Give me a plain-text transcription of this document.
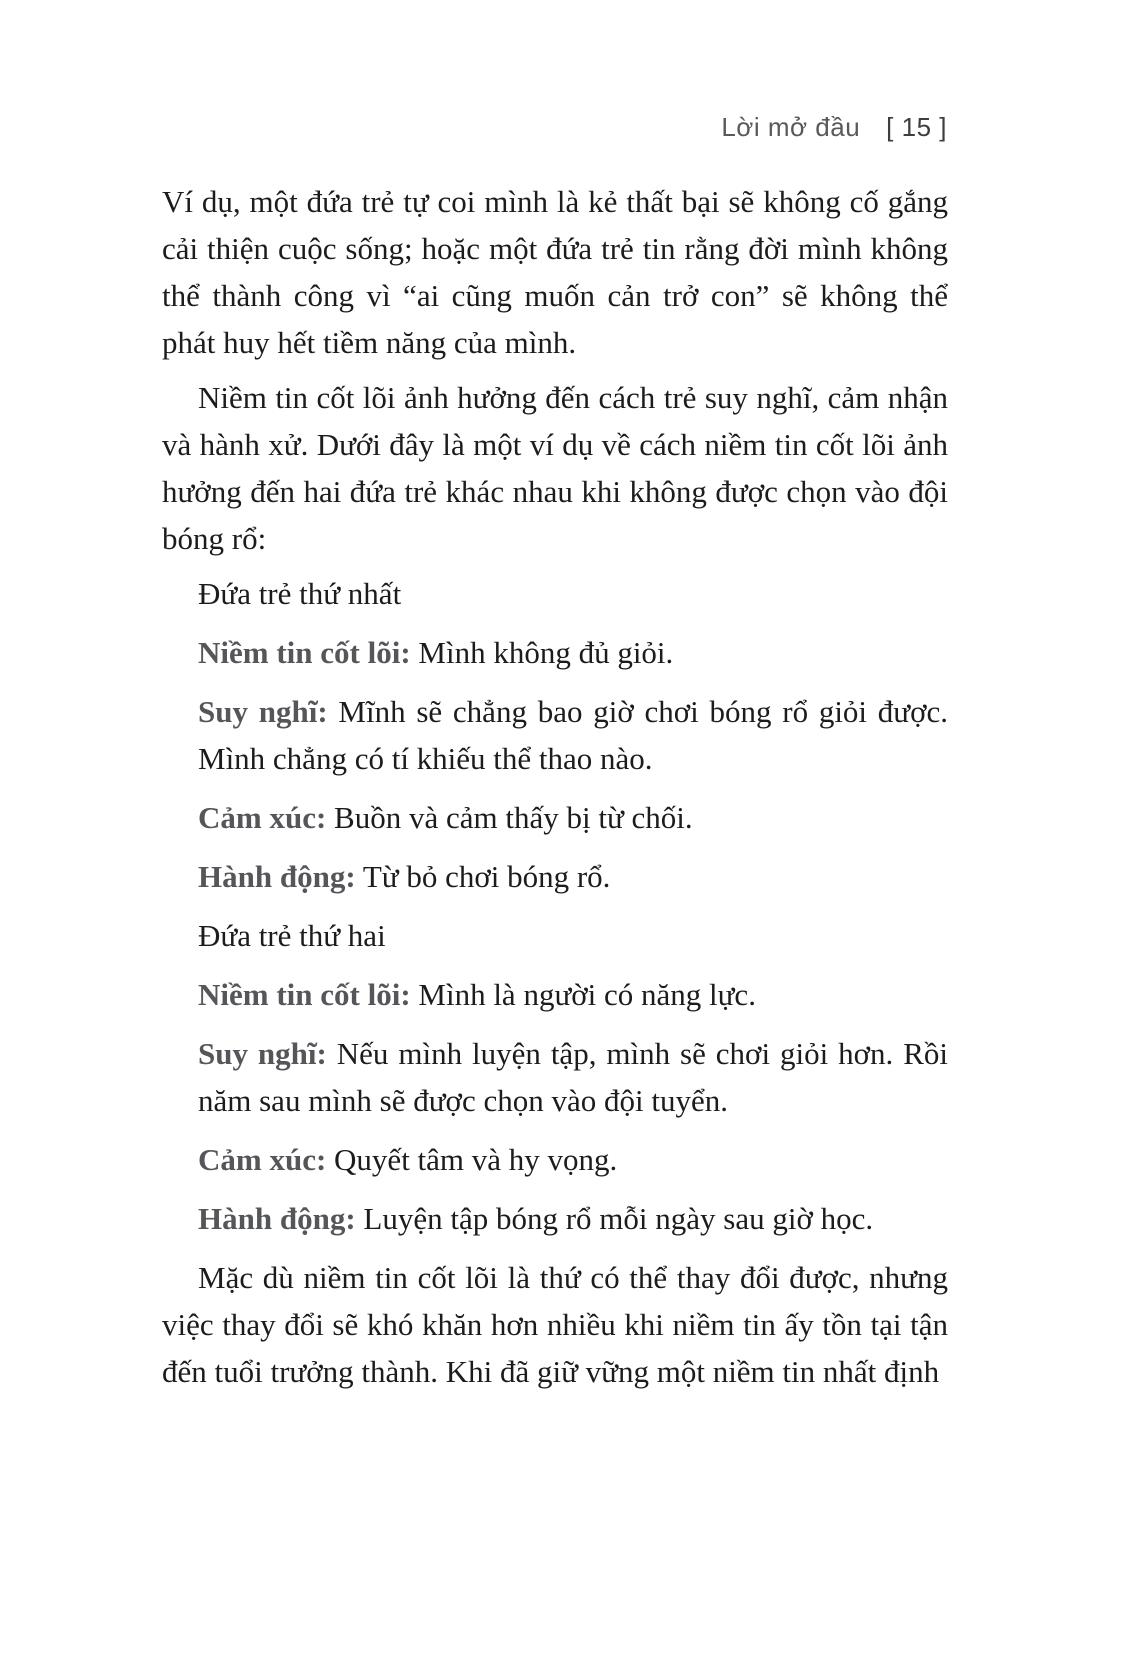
Lời mở đầu [ 15 ]

Ví dụ, một đứa trẻ tự coi mình là kẻ thất bại sẽ không cố gắng cải thiện cuộc sống; hoặc một đứa trẻ tin rằng đời mình không thể thành công vì “ai cũng muốn cản trở con” sẽ không thể phát huy hết tiềm năng của mình.

Niềm tin cốt lõi ảnh hưởng đến cách trẻ suy nghĩ, cảm nhận và hành xử. Dưới đây là một ví dụ về cách niềm tin cốt lõi ảnh hưởng đến hai đứa trẻ khác nhau khi không được chọn vào đội bóng rổ:

Đứa trẻ thứ nhất

Niềm tin cốt lõi: Mình không đủ giỏi.

Suy nghĩ: Mĩnh sẽ chẳng bao giờ chơi bóng rổ giỏi được. Mình chẳng có tí khiếu thể thao nào.

Cảm xúc: Buồn và cảm thấy bị từ chối.

Hành động: Từ bỏ chơi bóng rổ.

Đứa trẻ thứ hai

Niềm tin cốt lõi: Mình là người có năng lực.

Suy nghĩ: Nếu mình luyện tập, mình sẽ chơi giỏi hơn. Rồi năm sau mình sẽ được chọn vào đội tuyển.

Cảm xúc: Quyết tâm và hy vọng.

Hành động: Luyện tập bóng rổ mỗi ngày sau giờ học.

Mặc dù niềm tin cốt lõi là thứ có thể thay đổi được, nhưng việc thay đổi sẽ khó khăn hơn nhiều khi niềm tin ấy tồn tại tận đến tuổi trưởng thành. Khi đã giữ vững một niềm tin nhất định
